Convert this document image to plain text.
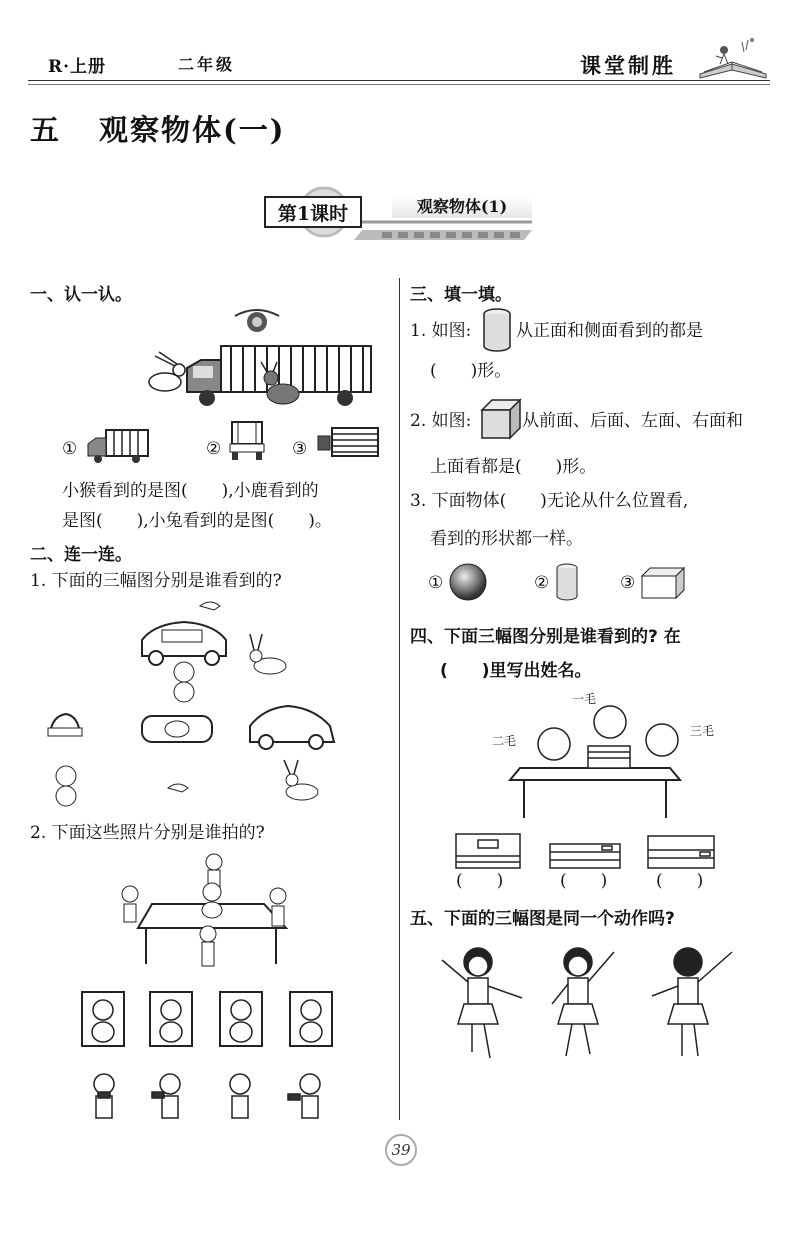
R·上册	二年级	课堂制胜
五 观察物体(一)
第1课时	观察物体(1)
一、认一认。
①	②	③
小猴看到的是图(　　),小鹿看到的
是图(　　),小兔看到的是图(　　)。
二、连一连。
1. 下面的三幅图分别是谁看到的?
2. 下面这些照片分别是谁拍的?
三、填一填。
1. 如图:	从正面和侧面看到的都是
(　　)形。
2. 如图:	从前面、后面、左面、右面和
上面看都是(　　)形。
3. 下面物体(　　)无论从什么位置看,
看到的形状都一样。
①	②	③
四、下面三幅图分别是谁看到的? 在
(　　)里写出姓名。
一毛
二毛
三毛
(　　)	(　　)	(　　)
五、下面的三幅图是同一个动作吗?
39
